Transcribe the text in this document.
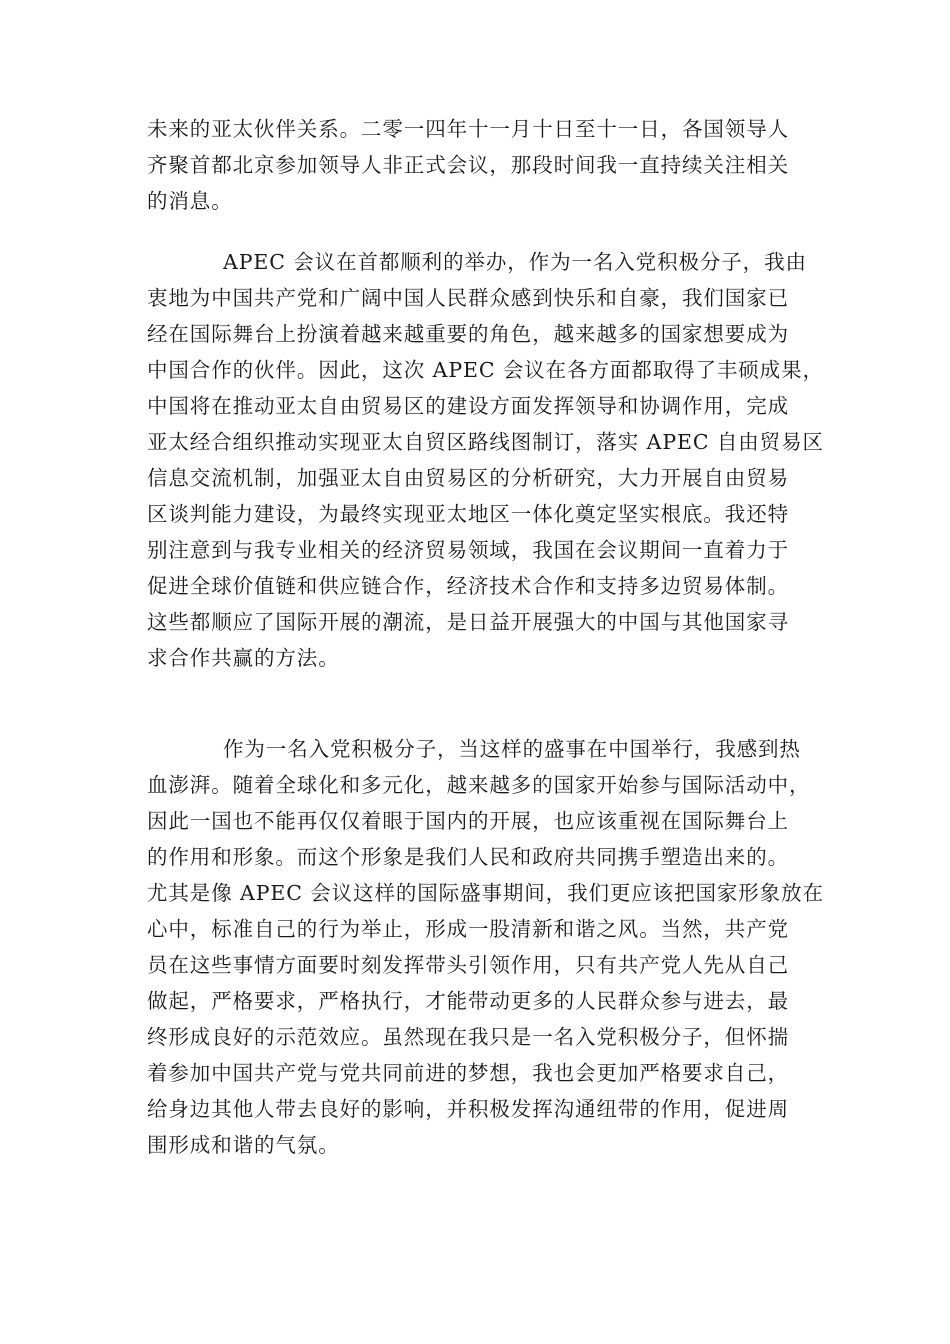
未来的亚太伙伴关系。二零一四年十一月十日至十一日，各国领导人
齐聚首都北京参加领导人非正式会议，那段时间我一直持续关注相关
的消息。
APEC 会议在首都顺利的举办，作为一名入党积极分子，我由
衷地为中国共产党和广阔中国人民群众感到快乐和自豪，我们国家已
经在国际舞台上扮演着越来越重要的角色，越来越多的国家想要成为
中国合作的伙伴。因此，这次 APEC 会议在各方面都取得了丰硕成果，
中国将在推动亚太自由贸易区的建设方面发挥领导和协调作用，完成
亚太经合组织推动实现亚太自贸区路线图制订，落实 APEC 自由贸易区
信息交流机制，加强亚太自由贸易区的分析研究，大力开展自由贸易
区谈判能力建设，为最终实现亚太地区一体化奠定坚实根底。我还特
别注意到与我专业相关的经济贸易领域，我国在会议期间一直着力于
促进全球价值链和供应链合作，经济技术合作和支持多边贸易体制。
这些都顺应了国际开展的潮流，是日益开展强大的中国与其他国家寻
求合作共赢的方法。
作为一名入党积极分子，当这样的盛事在中国举行，我感到热
血澎湃。随着全球化和多元化，越来越多的国家开始参与国际活动中，
因此一国也不能再仅仅着眼于国内的开展，也应该重视在国际舞台上
的作用和形象。而这个形象是我们人民和政府共同携手塑造出来的。
尤其是像 APEC 会议这样的国际盛事期间，我们更应该把国家形象放在
心中，标准自己的行为举止，形成一股清新和谐之风。当然，共产党
员在这些事情方面要时刻发挥带头引领作用，只有共产党人先从自己
做起，严格要求，严格执行，才能带动更多的人民群众参与进去，最
终形成良好的示范效应。虽然现在我只是一名入党积极分子，但怀揣
着参加中国共产党与党共同前进的梦想，我也会更加严格要求自己，
给身边其他人带去良好的影响，并积极发挥沟通纽带的作用，促进周
围形成和谐的气氛。
